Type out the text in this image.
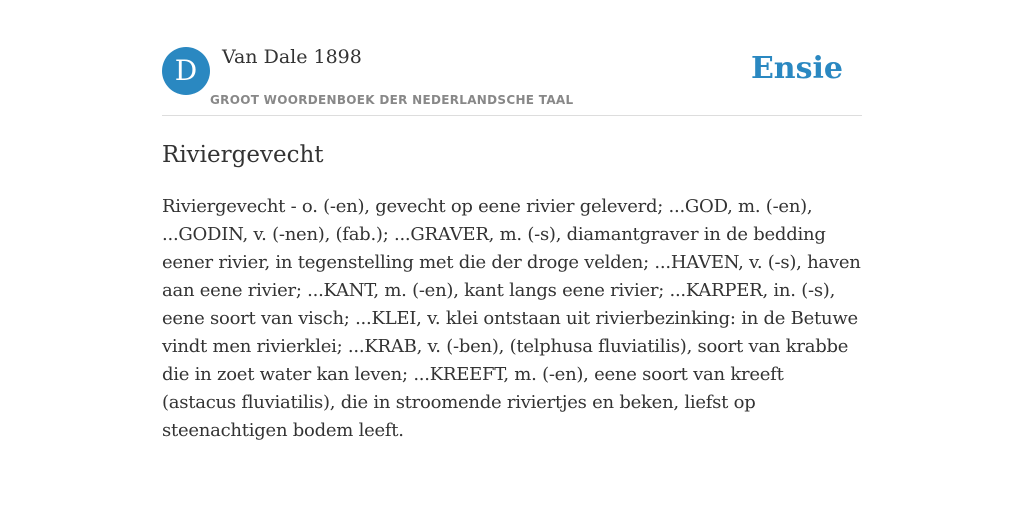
D	Van Dale 1898
GROOT WOORDENBOEK DER NEDERLANDSCHE TAAL
Ensie
Riviergevecht

Riviergevecht - o. (-en), gevecht op eene rivier geleverd; ...GOD, m. (-en), ...GODIN, v. (-nen), (fab.); ...GRAVER, m. (-s), diamantgraver in de bedding eener rivier, in tegenstelling met die der droge velden; ...HAVEN, v. (-s), haven aan eene rivier; ...KANT, m. (-en), kant langs eene rivier; ...KARPER, in. (-s), eene soort van visch; ...KLEI, v. klei ontstaan uit rivierbezinking: in de Betuwe vindt men rivierklei; ...KRAB, v. (-ben), (telphusa fluviatilis), soort van krabbe die in zoet water kan leven; ...KREEFT, m. (-en), eene soort van kreeft (astacus fluviatilis), die in stroomende riviertjes en beken, liefst op steenachtigen bodem leeft.
